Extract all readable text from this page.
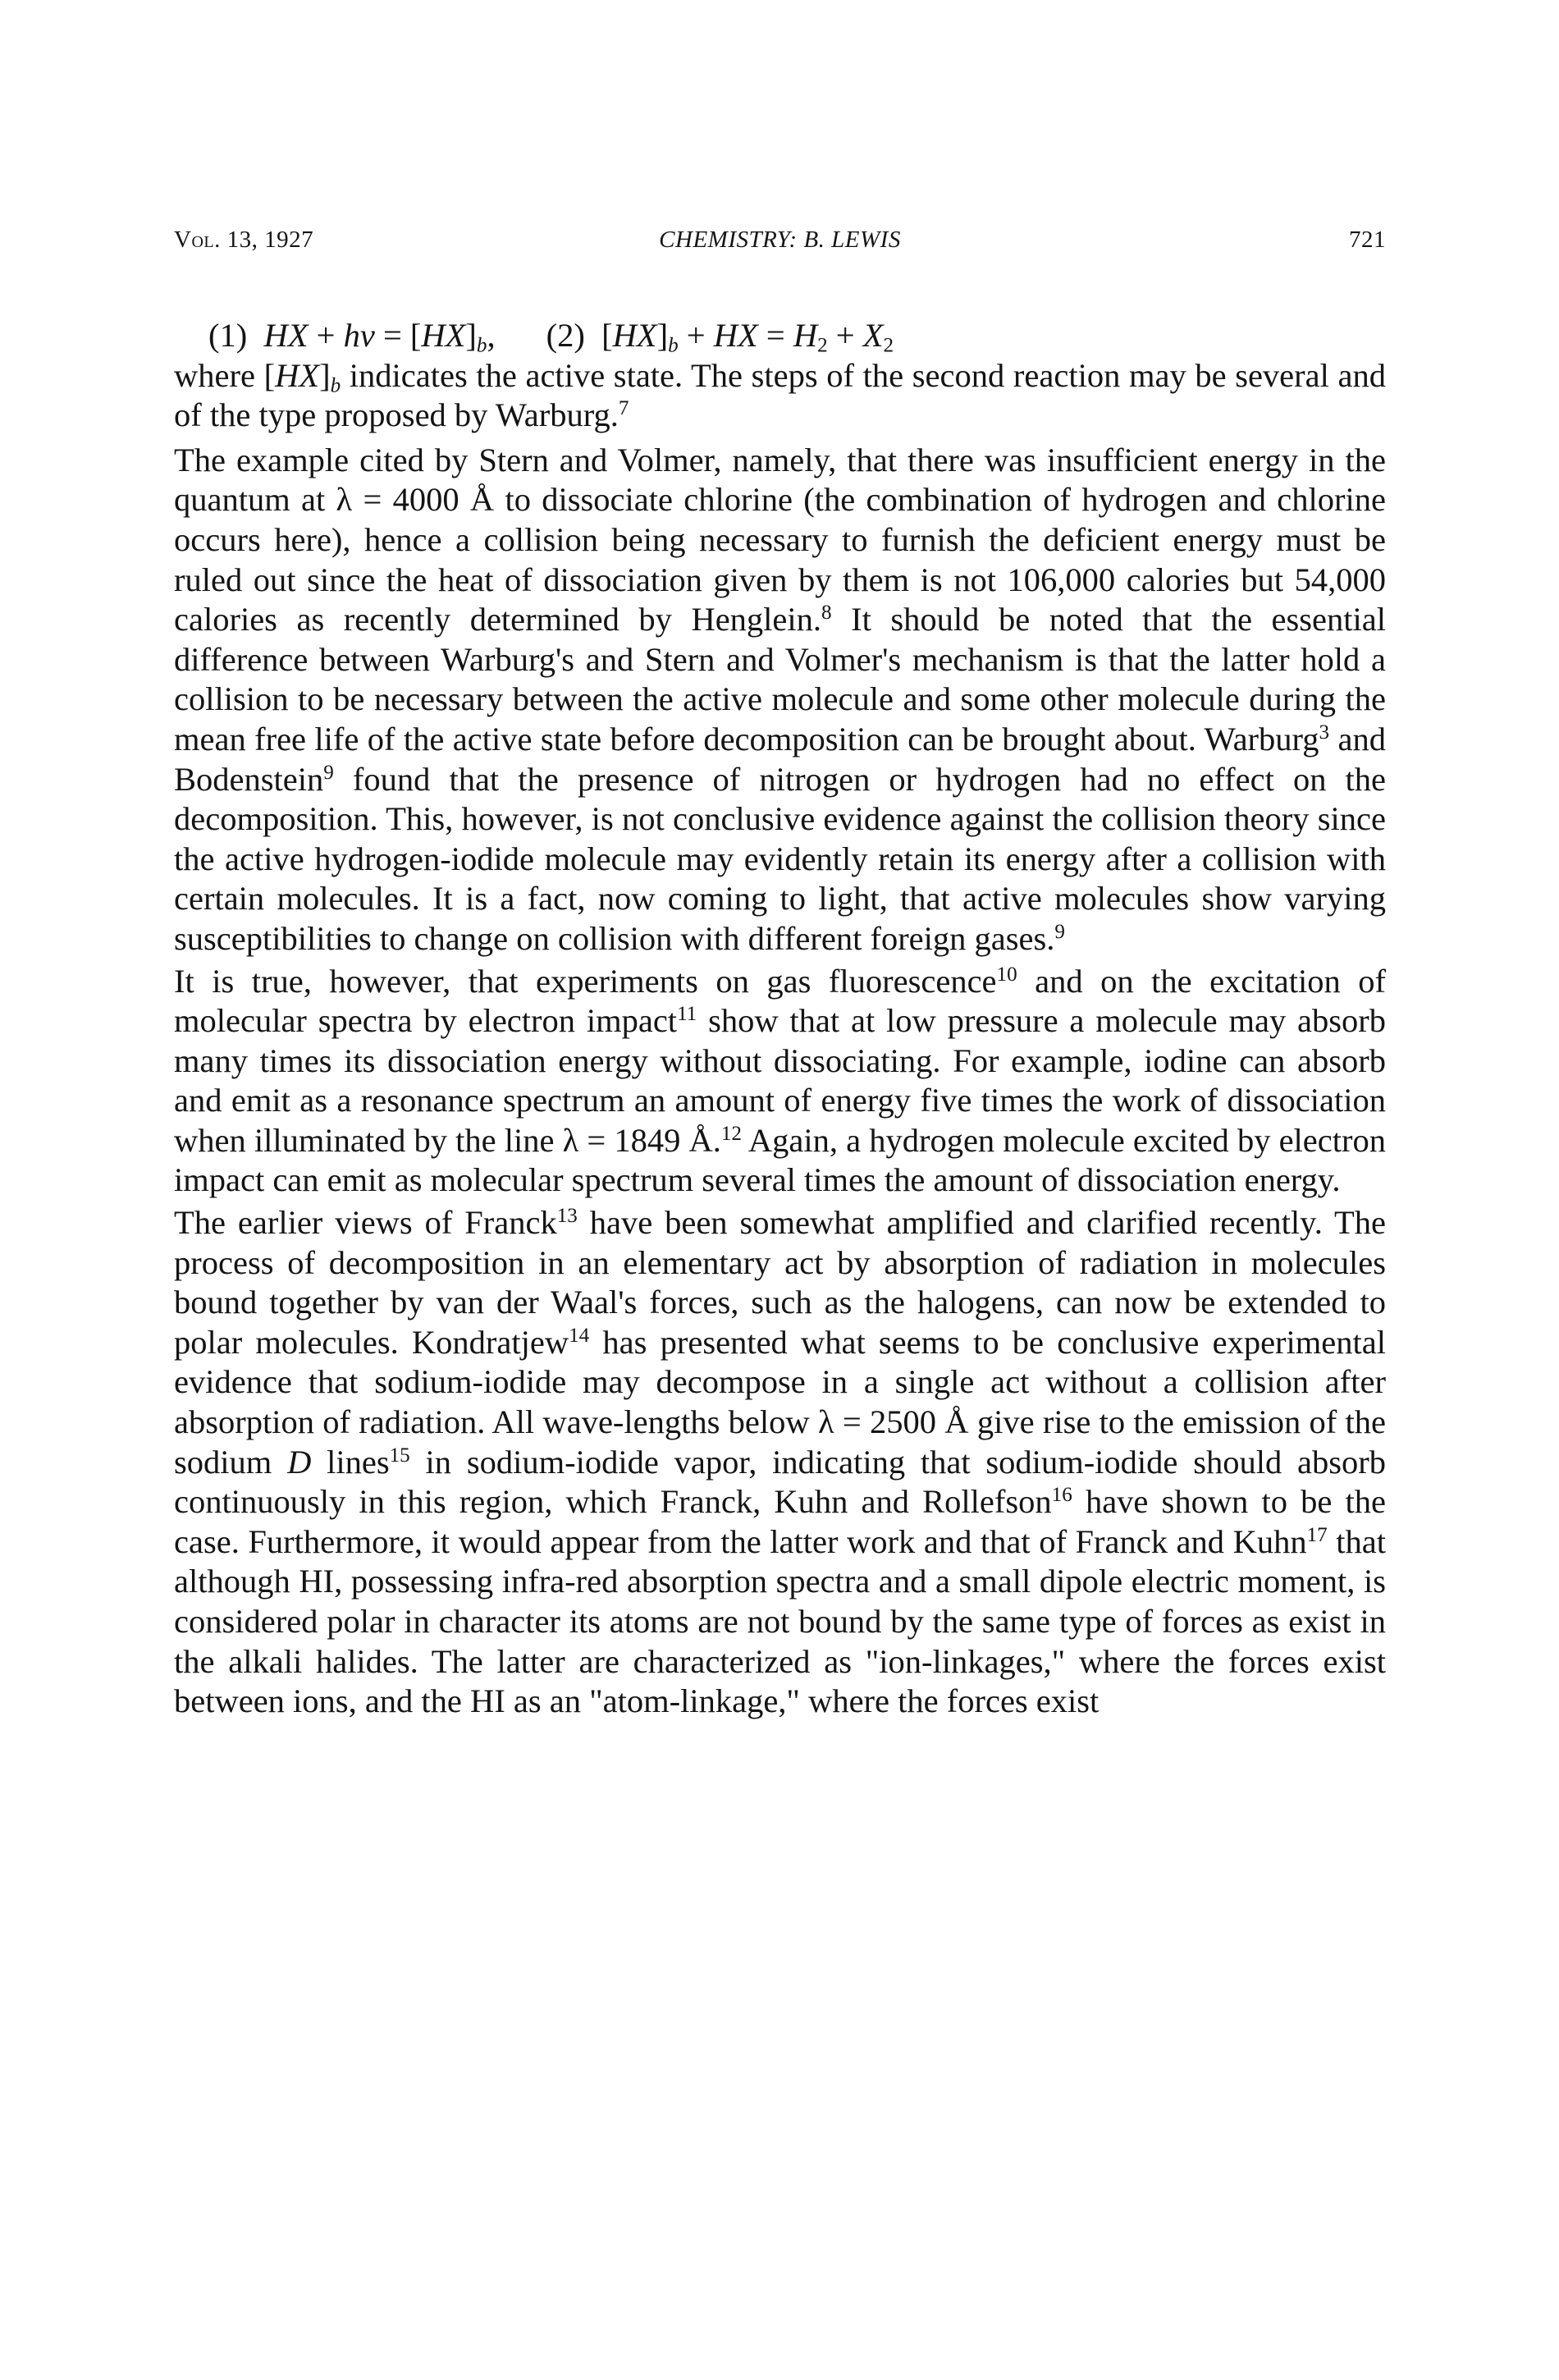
Vol. 13, 1927	CHEMISTRY: B. LEWIS	721
(1) HX + hv = $[HX]_b$, (2) $[HX]_b$ + HX = $H_2 + X_2$

where $[HX]_b$ indicates the active state. The steps of the second reaction may be several and of the type proposed by Warburg.$^7$

The example cited by Stern and Volmer, namely, that there was insufficient energy in the quantum at λ = 4000 Å to dissociate chlorine (the combination of hydrogen and chlorine occurs here), hence a collision being necessary to furnish the deficient energy must be ruled out since the heat of dissociation given by them is not 106,000 calories but 54,000 calories as recently determined by Henglein.$^8$ It should be noted that the essential difference between Warburg's and Stern and Volmer's mechanism is that the latter hold a collision to be necessary between the active molecule and some other molecule during the mean free life of the active state before decomposition can be brought about. Warburg$^3$ and Bodenstein$^9$ found that the presence of nitrogen or hydrogen had no effect on the decomposition. This, however, is not conclusive evidence against the collision theory since the active hydrogen-iodide molecule may evidently retain its energy after a collision with certain molecules. It is a fact, now coming to light, that active molecules show varying susceptibilities to change on collision with different foreign gases.$^9$

It is true, however, that experiments on gas fluorescence$^{10}$ and on the excitation of molecular spectra by electron impact$^{11}$ show that at low pressure a molecule may absorb many times its dissociation energy without dissociating. For example, iodine can absorb and emit as a resonance spectrum an amount of energy five times the work of dissociation when illuminated by the line λ = 1849 Å.$^{12}$ Again, a hydrogen molecule excited by electron impact can emit as molecular spectrum several times the amount of dissociation energy.

The earlier views of Franck$^{13}$ have been somewhat amplified and clarified recently. The process of decomposition in an elementary act by absorption of radiation in molecules bound together by van der Waal's forces, such as the halogens, can now be extended to polar molecules. Kondratjew$^{14}$ has presented what seems to be conclusive experimental evidence that sodium-iodide may decompose in a single act without a collision after absorption of radiation. All wave-lengths below λ = 2500 Å give rise to the emission of the sodium D lines$^{15}$ in sodium-iodide vapor, indicating that sodium-iodide should absorb continuously in this region, which Franck, Kuhn and Rollefson$^{16}$ have shown to be the case. Furthermore, it would appear from the latter work and that of Franck and Kuhn$^{17}$ that although HI, possessing infra-red absorption spectra and a small dipole electric moment, is considered polar in character its atoms are not bound by the same type of forces as exist in the alkali halides. The latter are characterized as "ion-linkages," where the forces exist between ions, and the HI as an "atom-linkage," where the forces exist
